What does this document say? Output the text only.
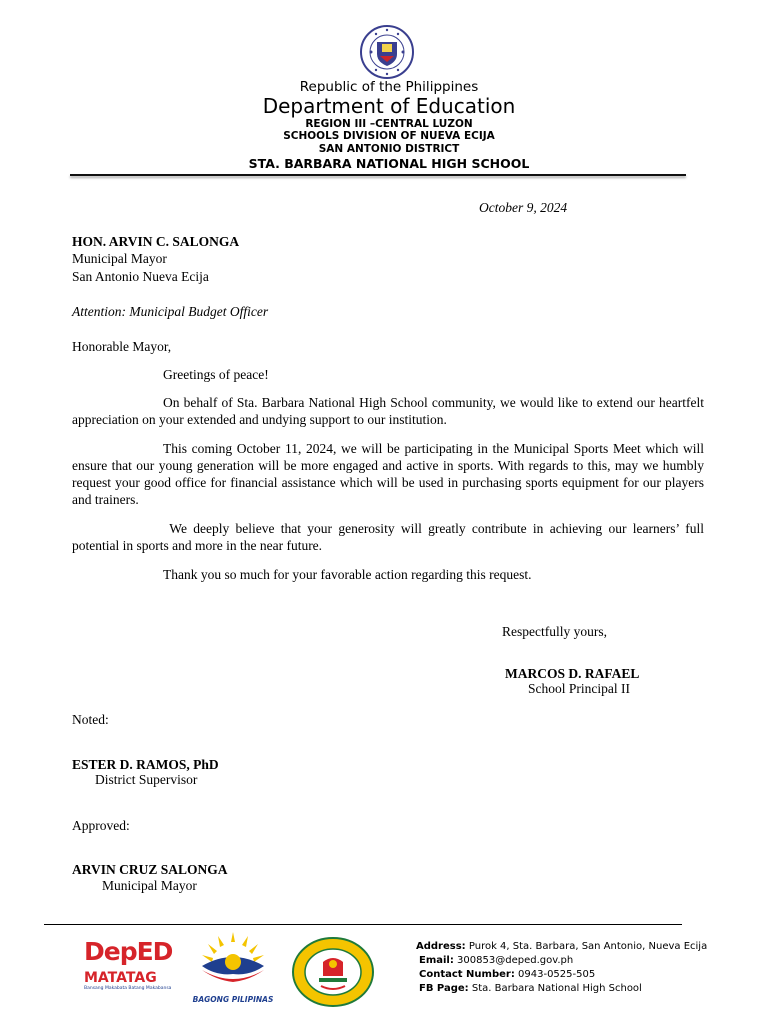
Republic of the Philippines
Department of Education
REGION III –CENTRAL LUZON
SCHOOLS DIVISION OF NUEVA ECIJA
SAN ANTONIO DISTRICT
STA. BARBARA NATIONAL HIGH SCHOOL
October 9, 2024
HON. ARVIN C. SALONGA
Municipal Mayor
San Antonio Nueva Ecija
Attention: Municipal Budget Officer
Honorable Mayor,
Greetings of peace!
On behalf of Sta. Barbara National High School community, we would like to extend our heartfelt appreciation on your extended and undying support to our institution.
This coming October 11, 2024, we will be participating in the Municipal Sports Meet which will ensure that our young generation will be more engaged and active in sports. With regards to this, may we humbly request your good office for financial assistance which will be used in purchasing sports equipment for our players and trainers.
We deeply believe that your generosity will greatly contribute in achieving our learners’ full potential in sports and more in the near future.
Thank you so much for your favorable action regarding this request.
Respectfully yours,
MARCOS D. RAFAEL
School Principal II
Noted:
ESTER D. RAMOS, PhD
District Supervisor
Approved:
ARVIN CRUZ SALONGA
Municipal Mayor
DepED
MATATAG
Bansang Makabata Batang Makabansa
BAGONG PILIPINAS
Address: Purok 4, Sta. Barbara, San Antonio, Nueva Ecija
Email: 300853@deped.gov.ph
Contact Number: 0943-0525-505
FB Page: Sta. Barbara National High School
